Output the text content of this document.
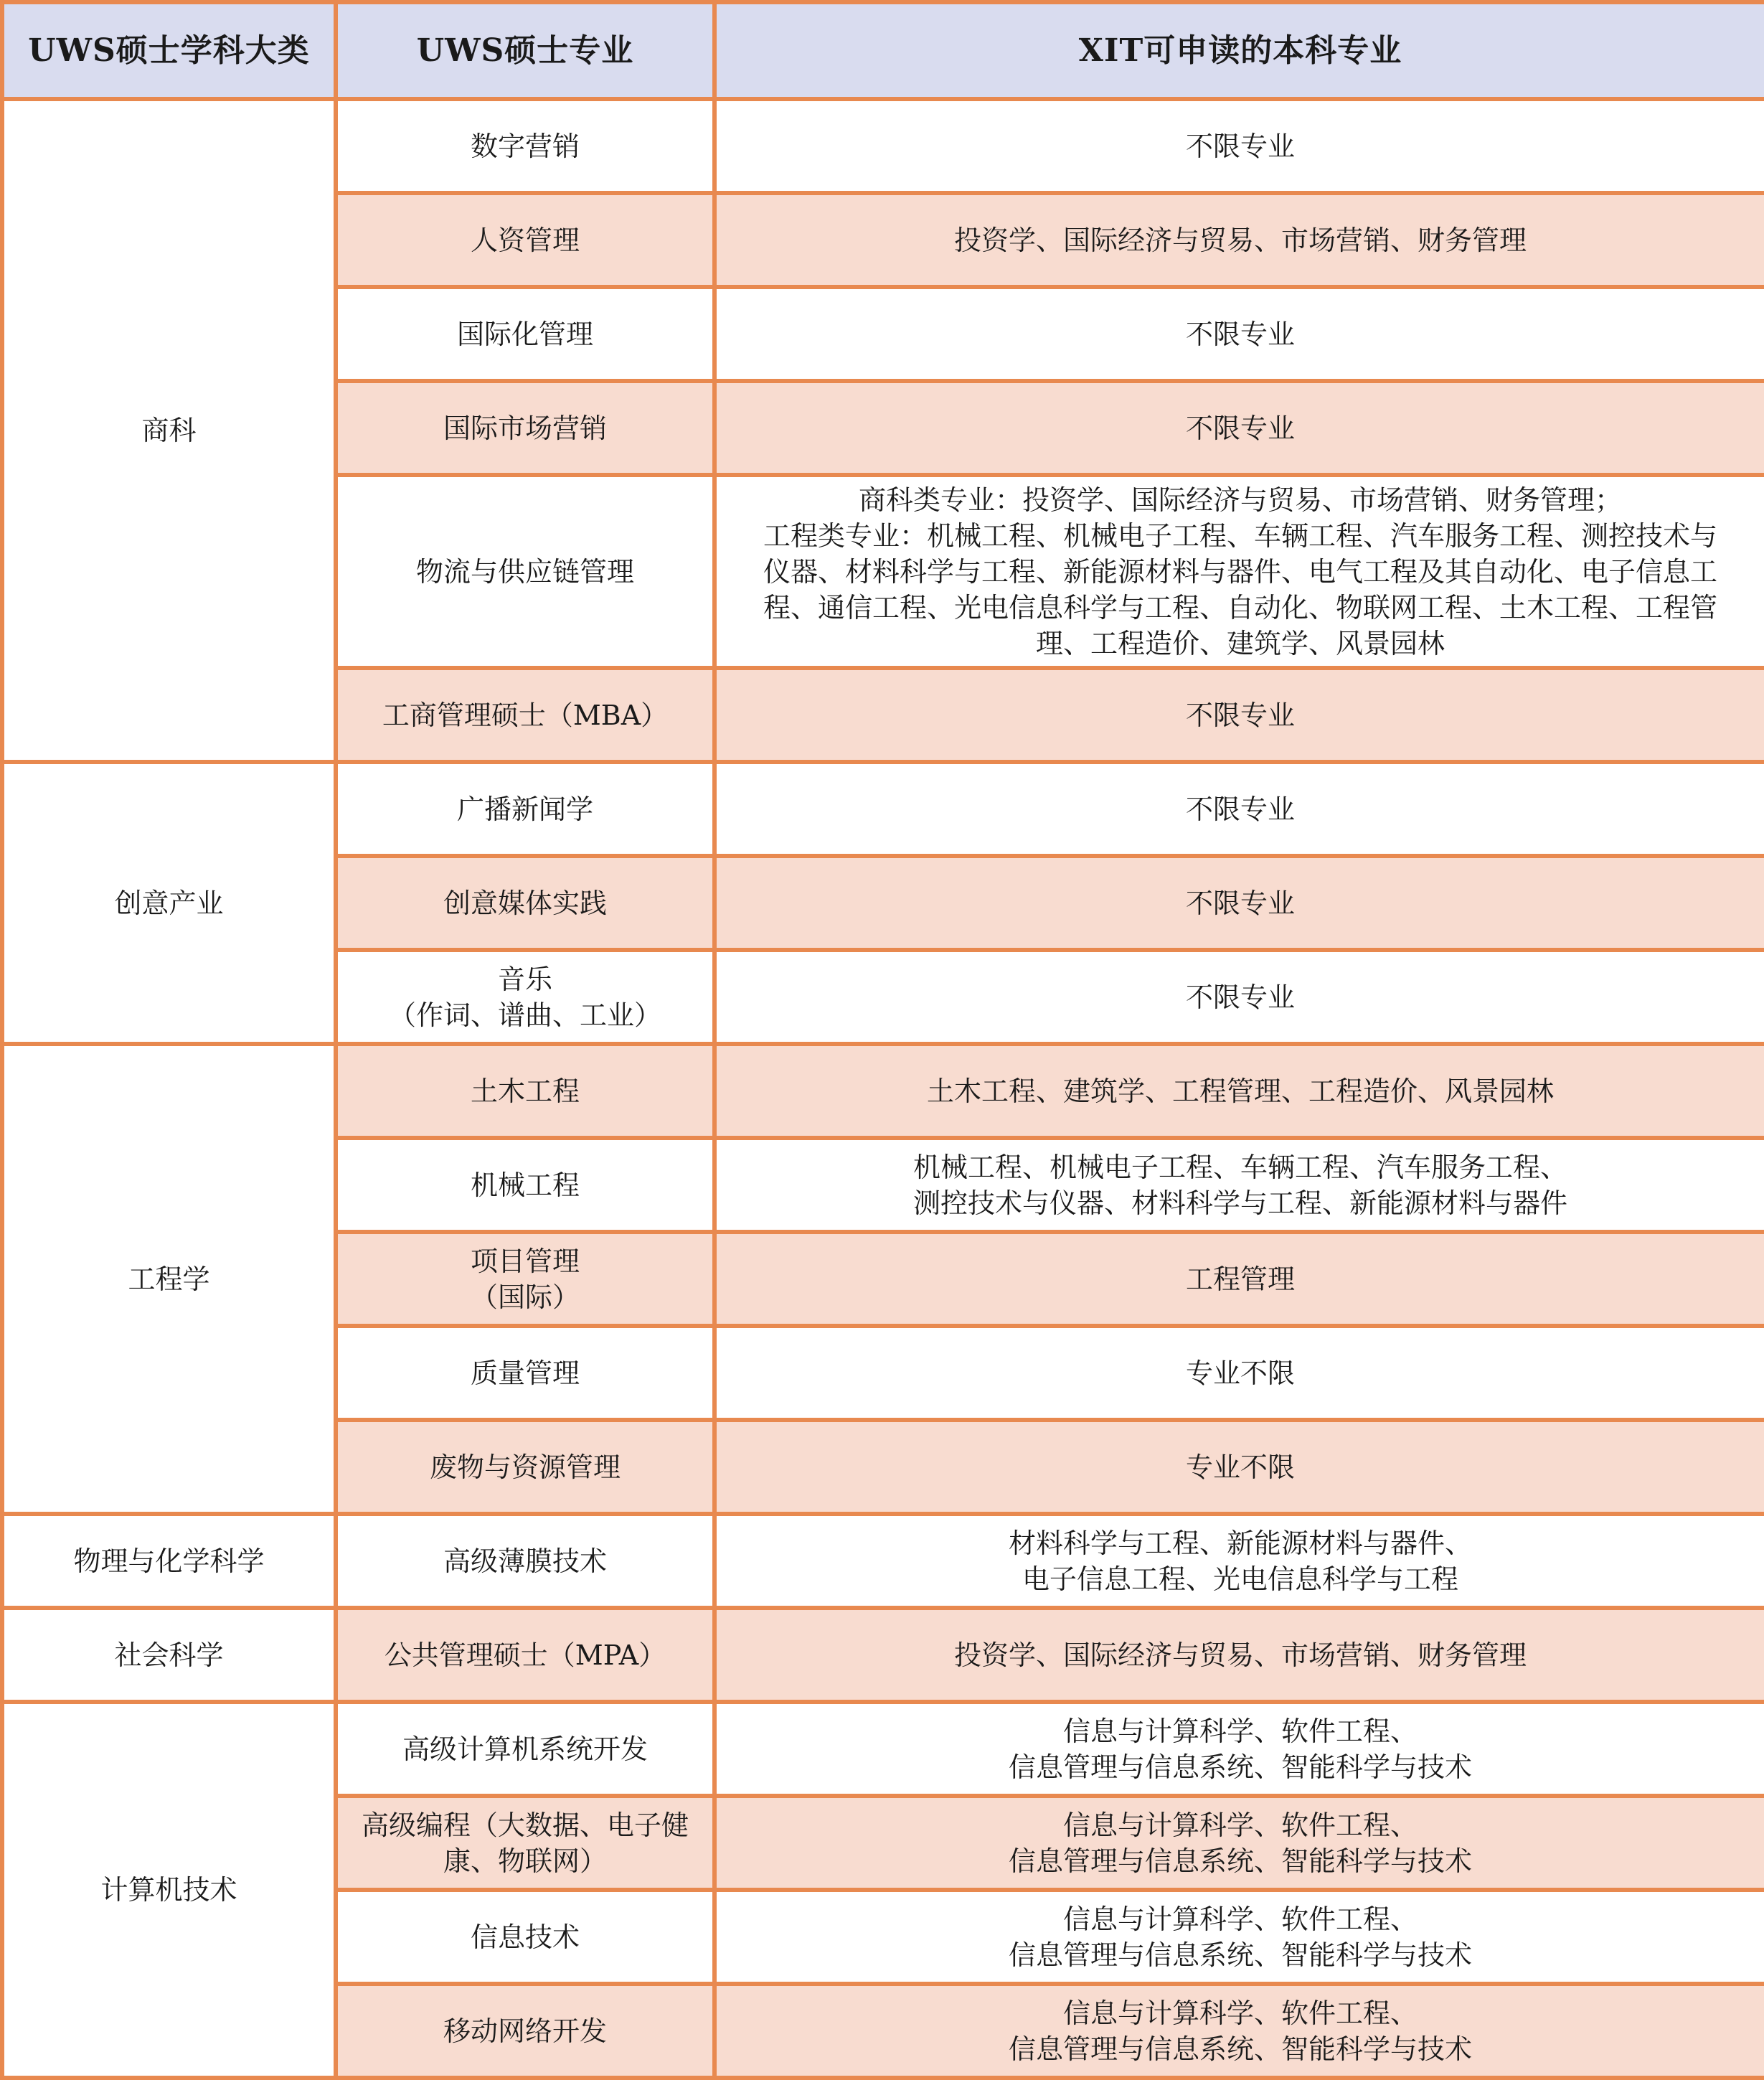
UWS硕士学科大类	UWS硕士专业	XIT可申读的本科专业
商科	数字营销	不限专业

	人资管理	投资学、国际经济与贸易、市场营销、财务管理

	国际化管理	不限专业

	国际市场营销	不限专业

	物流与供应链管理	商科类专业：投资学、国际经济与贸易、市场营销、财务管理；
工程类专业：机械工程、机械电子工程、车辆工程、汽车服务工程、测控技术与
仪器、材料科学与工程、新能源材料与器件、电气工程及其自动化、电子信息工
程、通信工程、光电信息科学与工程、自动化、物联网工程、土木工程、工程管
理、工程造价、建筑学、风景园林

	工商管理硕士（MBA）	不限专业

创意产业	广播新闻学	不限专业

	创意媒体实践	不限专业

	音乐
（作词、谱曲、工业）	不限专业

工程学	土木工程	土木工程、建筑学、工程管理、工程造价、风景园林

	机械工程	机械工程、机械电子工程、车辆工程、汽车服务工程、
测控技术与仪器、材料科学与工程、新能源材料与器件

	项目管理
（国际）	工程管理

	质量管理	专业不限

	废物与资源管理	专业不限

物理与化学科学	高级薄膜技术	材料科学与工程、新能源材料与器件、
电子信息工程、光电信息科学与工程

社会科学	公共管理硕士（MPA）	投资学、国际经济与贸易、市场营销、财务管理

计算机技术	高级计算机系统开发	信息与计算科学、软件工程、
信息管理与信息系统、智能科学与技术

	高级编程（大数据、电子健
康、物联网）	信息与计算科学、软件工程、
信息管理与信息系统、智能科学与技术

	信息技术	信息与计算科学、软件工程、
信息管理与信息系统、智能科学与技术

	移动网络开发	信息与计算科学、软件工程、
信息管理与信息系统、智能科学与技术
